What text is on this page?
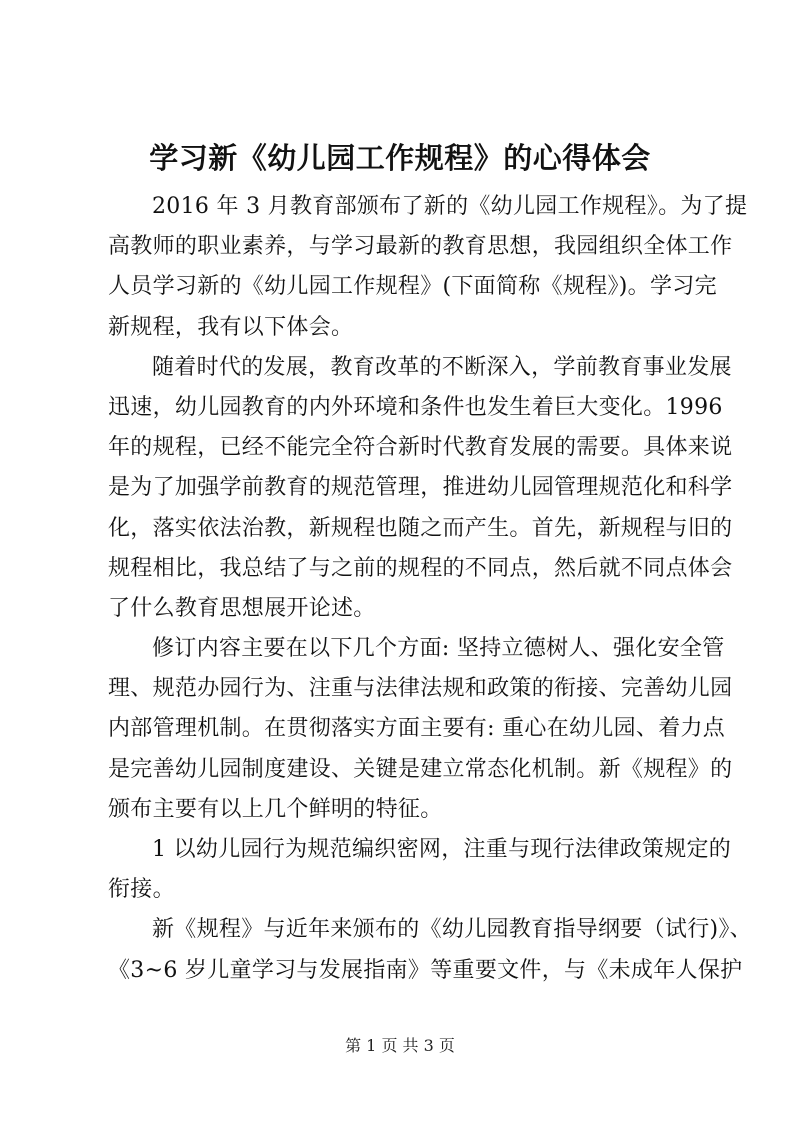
学习新《幼儿园工作规程》的心得体会
2016 年 3 月教育部颁布了新的《幼儿园工作规程》。为了提
高教师的职业素养，与学习最新的教育思想，我园组织全体工作
人员学习新的《幼儿园工作规程》(下面简称《规程》)。学习完
新规程，我有以下体会。
随着时代的发展，教育改革的不断深入，学前教育事业发展
迅速，幼儿园教育的内外环境和条件也发生着巨大变化。1996
年的规程，已经不能完全符合新时代教育发展的需要。具体来说
是为了加强学前教育的规范管理，推进幼儿园管理规范化和科学
化，落实依法治教，新规程也随之而产生。首先，新规程与旧的
规程相比，我总结了与之前的规程的不同点，然后就不同点体会
了什么教育思想展开论述。
修订内容主要在以下几个方面: 坚持立德树人、强化安全管
理、规范办园行为、注重与法律法规和政策的衔接、完善幼儿园
内部管理机制。在贯彻落实方面主要有: 重心在幼儿园、着力点
是完善幼儿园制度建设、关键是建立常态化机制。新《规程》的
颁布主要有以上几个鲜明的特征。
1 以幼儿园行为规范编织密网，注重与现行法律政策规定的
衔接。
新《规程》与近年来颁布的《幼儿园教育指导纲要（试行)》、
《3~6 岁儿童学习与发展指南》等重要文件，与《未成年人保护
第 1 页 共 3 页
